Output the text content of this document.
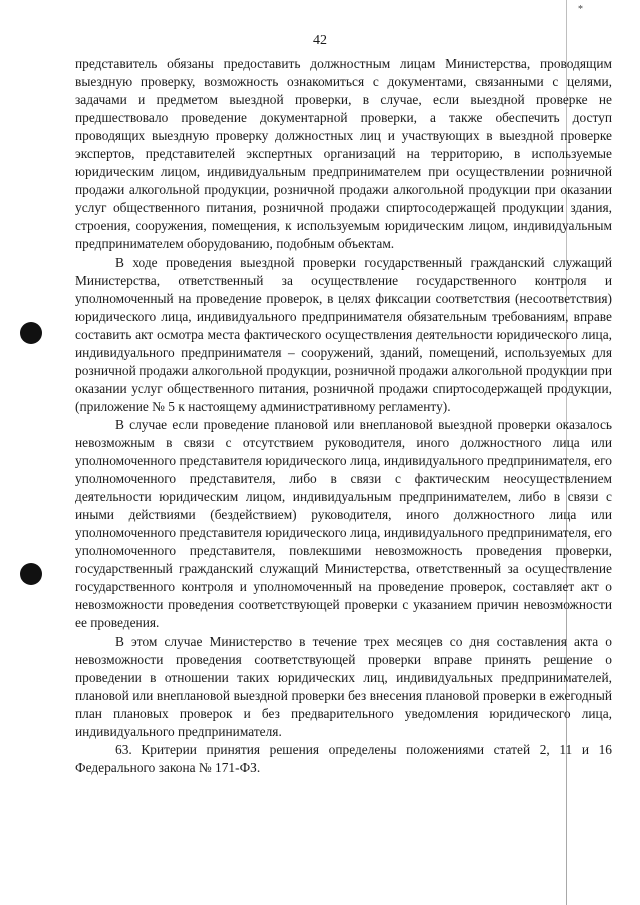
*
42

представитель обязаны предоставить должностным лицам Министерства, проводящим выездную проверку, возможность ознакомиться с документами, связанными с целями, задачами и предметом выездной проверки, в случае, если выездной проверке не предшествовало проведение документарной проверки, а также обеспечить доступ проводящих выездную проверку должностных лиц и участвующих в выездной проверке экспертов, представителей экспертных организаций на территорию, в используемые юридическим лицом, индивидуальным предпринимателем при осуществлении розничной продажи алкогольной продукции, розничной продажи алкогольной продукции при оказании услуг общественного питания, розничной продажи спиртосодержащей продукции здания, строения, сооружения, помещения, к используемым юридическим лицом, индивидуальным предпринимателем оборудованию, подобным объектам.

В ходе проведения выездной проверки государственный гражданский служащий Министерства, ответственный за осуществление государственного контроля и уполномоченный на проведение проверок, в целях фиксации соответствия (несоответствия) юридического лица, индивидуального предпринимателя обязательным требованиям, вправе составить акт осмотра места фактического осуществления деятельности юридического лица, индивидуального предпринимателя – сооружений, зданий, помещений, используемых для розничной продажи алкогольной продукции, розничной продажи алкогольной продукции при оказании услуг общественного питания, розничной продажи спиртосодержащей продукции, (приложение № 5 к настоящему административному регламенту).

В случае если проведение плановой или внеплановой выездной проверки оказалось невозможным в связи с отсутствием руководителя, иного должностного лица или уполномоченного представителя юридического лица, индивидуального предпринимателя, его уполномоченного представителя, либо в связи с фактическим неосуществлением деятельности юридическим лицом, индивидуальным предпринимателем, либо в связи с иными действиями (бездействием) руководителя, иного должностного лица или уполномоченного представителя юридического лица, индивидуального предпринимателя, его уполномоченного представителя, повлекшими невозможность проведения проверки, государственный гражданский служащий Министерства, ответственный за осуществление государственного контроля и уполномоченный на проведение проверок, составляет акт о невозможности проведения соответствующей проверки с указанием причин невозможности ее проведения.

В этом случае Министерство в течение трех месяцев со дня составления акта о невозможности проведения соответствующей проверки вправе принять решение о проведении в отношении таких юридических лиц, индивидуальных предпринимателей, плановой или внеплановой выездной проверки без внесения плановой проверки в ежегодный план плановых проверок и без предварительного уведомления юридического лица, индивидуального предпринимателя.

63. Критерии принятия решения определены положениями статей 2, 11 и 16 Федерального закона № 171-ФЗ.
